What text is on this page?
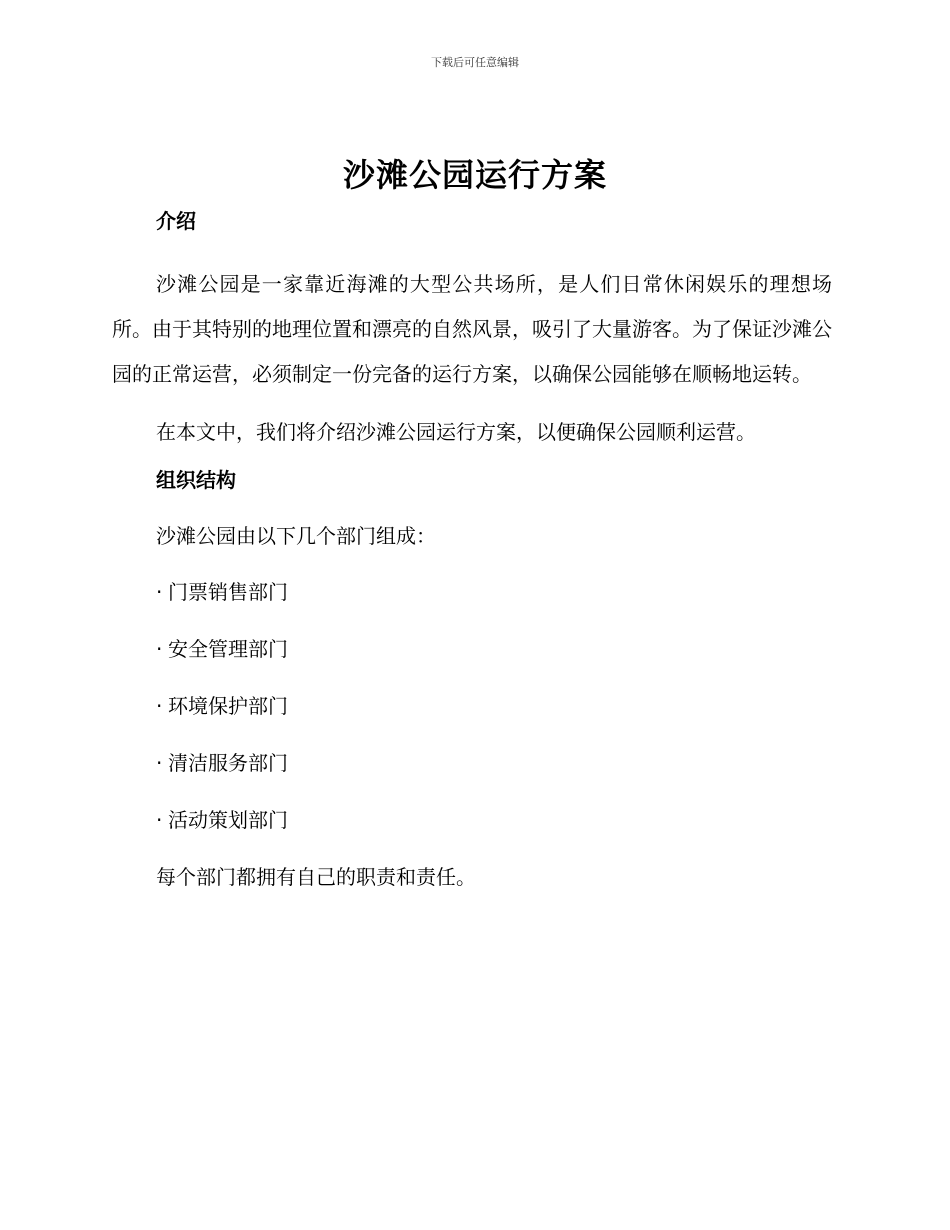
下载后可任意编辑
沙滩公园运行方案
介绍

沙滩公园是一家靠近海滩的大型公共场所，是人们日常休闲娱乐的理想场所。由于其特别的地理位置和漂亮的自然风景，吸引了大量游客。为了保证沙滩公园的正常运营，必须制定一份完备的运行方案，以确保公园能够在顺畅地运转。

在本文中，我们将介绍沙滩公园运行方案，以便确保公园顺利运营。

组织结构
沙滩公园由以下几个部门组成：
· 门票销售部门
· 安全管理部门
· 环境保护部门
· 清洁服务部门
· 活动策划部门
每个部门都拥有自己的职责和责任。
